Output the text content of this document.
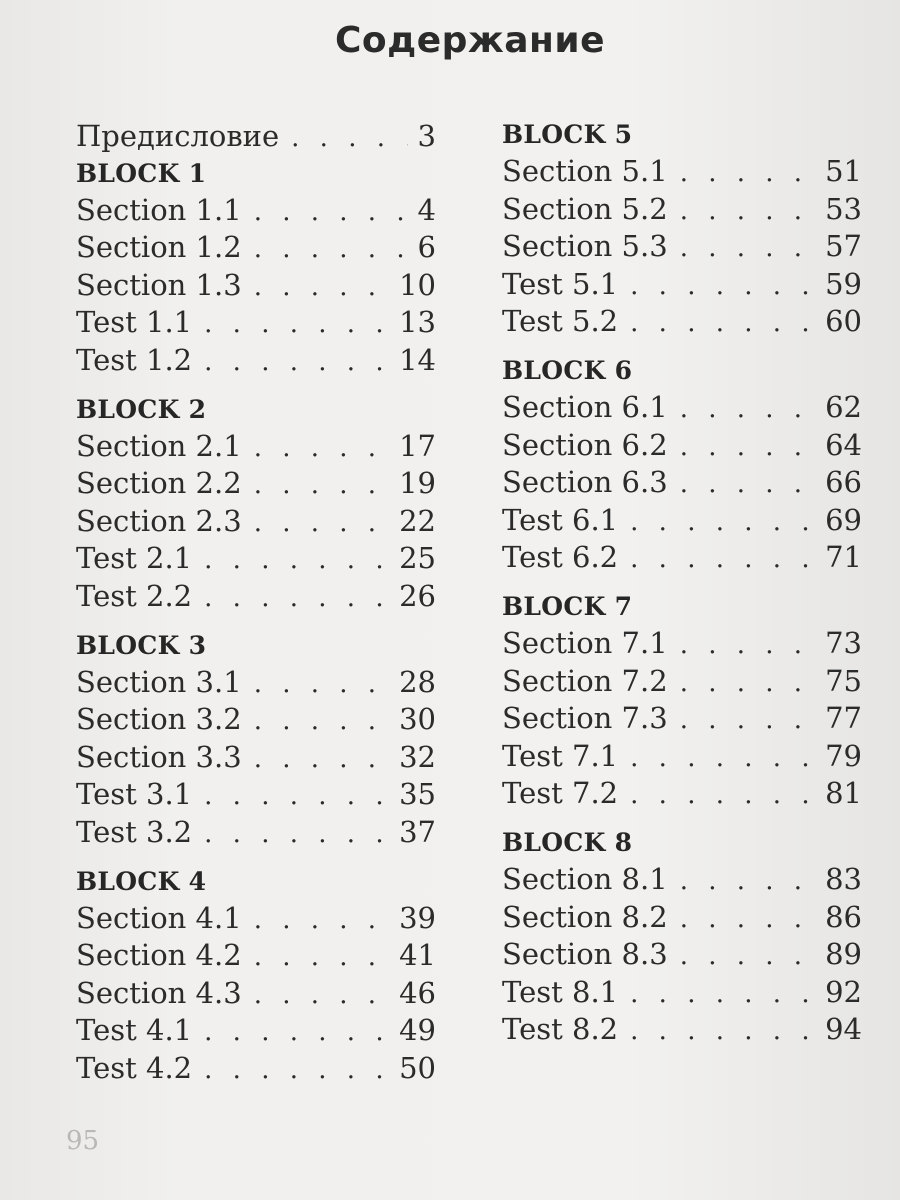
Содержание
Предисловие . . .	3
BLOCK 1
Section 1.1 . . .	4
Section 1.2 . . .	6
Section 1.3 . . .	10
Test 1.1 . . .	13
Test 1.2 . . .	14
BLOCK 2
Section 2.1 . . .	17
Section 2.2 . . .	19
Section 2.3 . . .	22
Test 2.1 . . .	25
Test 2.2 . . .	26
BLOCK 3
Section 3.1 . . .	28
Section 3.2 . . .	30
Section 3.3 . . .	32
Test 3.1 . . .	35
Test 3.2 . . .	37
BLOCK 4
Section 4.1 . . .	39
Section 4.2 . . .	41
Section 4.3 . . .	46
Test 4.1 . . .	49
Test 4.2 . . .	50
BLOCK 5
Section 5.1 . . .	51
Section 5.2 . . .	53
Section 5.3 . . .	57
Test 5.1 . . .	59
Test 5.2 . . .	60
BLOCK 6
Section 6.1 . . .	62
Section 6.2 . . .	64
Section 6.3 . . .	66
Test 6.1 . . .	69
Test 6.2 . . .	71
BLOCK 7
Section 7.1 . . .	73
Section 7.2 . . .	75
Section 7.3 . . .	77
Test 7.1 . . .	79
Test 7.2 . . .	81
BLOCK 8
Section 8.1 . . .	83
Section 8.2 . . .	86
Section 8.3 . . .	89
Test 8.1 . . .	92
Test 8.2 . . .	94
95
